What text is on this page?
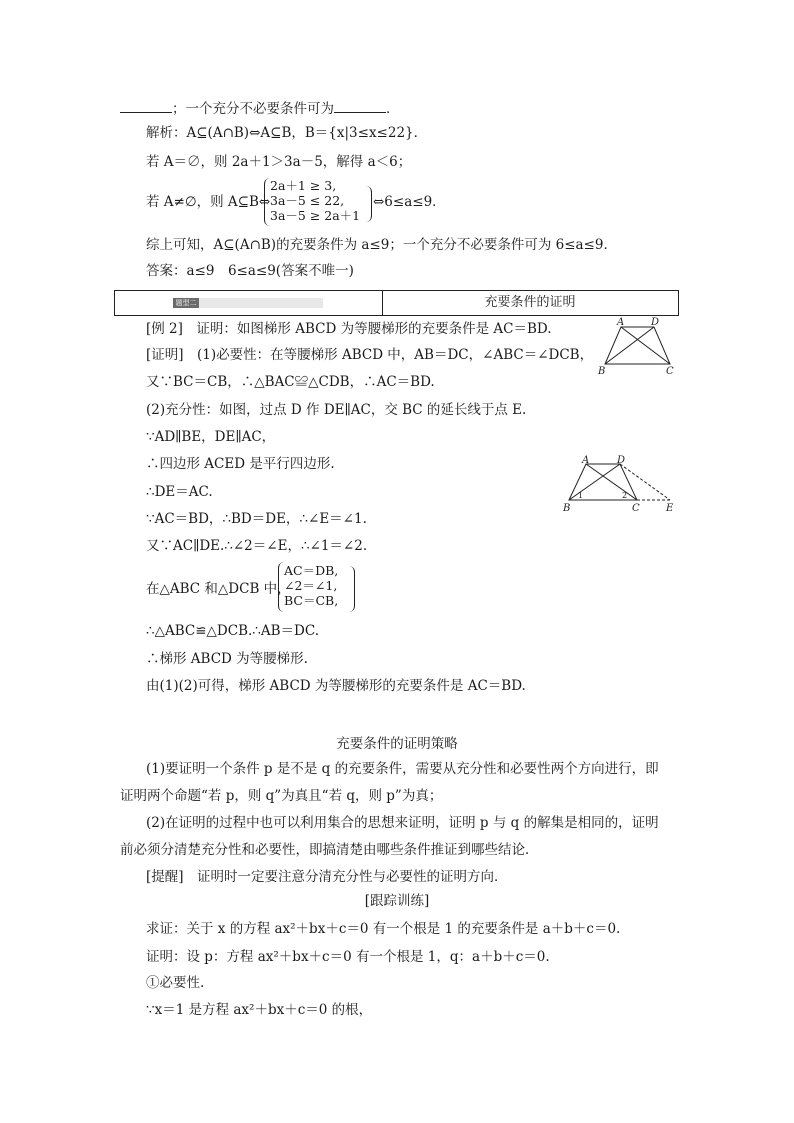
；一个充分不必要条件可为	．
解析：A⊆(A∩B)⇔A⊆B，B＝{x|3≤x≤22}．
若 A＝∅，则 2a＋1＞3a－5，解得 a＜6；
若 A≠∅，则 A⊆B⇔
2a＋1 ≥ 3,
3a－5 ≤ 22,
3a－5 ≥ 2a＋1
⇔6≤a≤9．
综上可知，A⊆(A∩B)的充要条件为 a≤9；一个充分不必要条件可为 6≤a≤9．
答案：a≤9　6≤a≤9(答案不唯一)
题型二	充要条件的证明
[例 2]　证明：如图梯形 ABCD 为等腰梯形的充要条件是 AC＝BD.
[证明]　(1)必要性：在等腰梯形 ABCD 中，AB＝DC，∠ABC＝∠DCB，
又∵BC＝CB，∴△BAC≌△CDB，∴AC＝BD.
(2)充分性：如图，过点 D 作 DE∥AC，交 BC 的延长线于点 E.
∵AD∥BE，DE∥AC，
∴四边形 ACED 是平行四边形.
∴DE＝AC.
∵AC＝BD，∴BD＝DE，∴∠E＝∠1.
又∵AC∥DE.∴∠2＝∠E，∴∠1＝∠2.
在△ABC 和△DCB 中，
AC＝DB,
∠2＝∠1,
BC＝CB,
∴△ABC≌△DCB.∴AB＝DC.
∴梯形 ABCD 为等腰梯形.
由(1)(2)可得，梯形 ABCD 为等腰梯形的充要条件是 AC＝BD.
A	D
B	C
A	D
B	C	E
1	2
充要条件的证明策略
(1)要证明一个条件 p 是不是 q 的充要条件，需要从充分性和必要性两个方向进行，即
证明两个命题“若 p，则 q”为真且“若 q，则 p”为真；
(2)在证明的过程中也可以利用集合的思想来证明，证明 p 与 q 的解集是相同的，证明
前必须分清楚充分性和必要性，即搞清楚由哪些条件推证到哪些结论．
[提醒]　证明时一定要注意分清充分性与必要性的证明方向．
[跟踪训练]
求证：关于 x 的方程 ax²＋bx＋c＝0 有一个根是 1 的充要条件是 a＋b＋c＝0.
证明：设 p：方程 ax²＋bx＋c＝0 有一个根是 1，q：a＋b＋c＝0.
①必要性.
∵x＝1 是方程 ax²＋bx＋c＝0 的根，
